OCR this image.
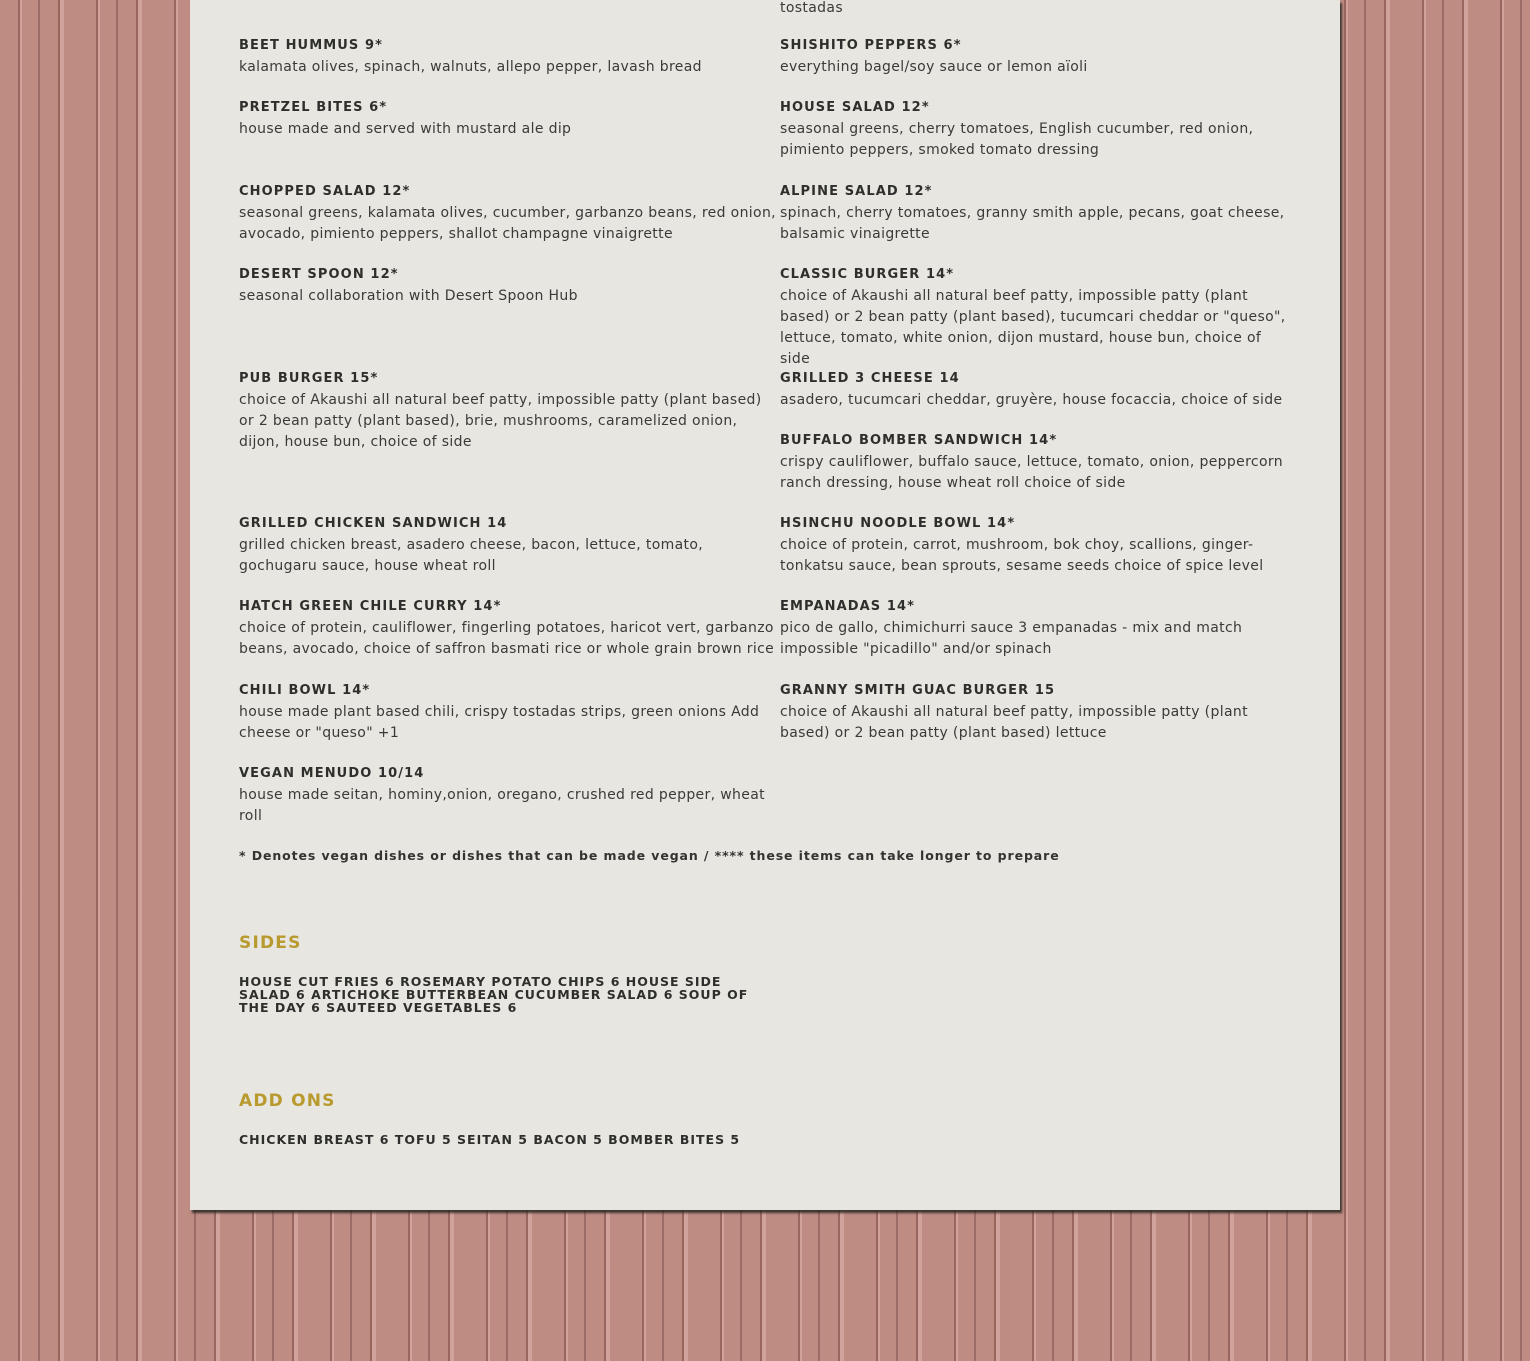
tostadas

BEET HUMMUS 9*

kalamata olives, spinach, walnuts, allepo pepper, lavash bread

SHISHITO PEPPERS 6*

everything bagel/soy sauce or lemon aïoli

PRETZEL BITES 6*

house made and served with mustard ale dip

HOUSE SALAD 12*

seasonal greens, cherry tomatoes, English cucumber, red onion, pimiento peppers, smoked tomato dressing

CHOPPED SALAD 12*

seasonal greens, kalamata olives, cucumber, garbanzo beans, red onion, avocado, pimiento peppers, shallot champagne vinaigrette

ALPINE SALAD 12*

spinach, cherry tomatoes, granny smith apple, pecans, goat cheese, balsamic vinaigrette

DESERT SPOON 12*

seasonal collaboration with Desert Spoon Hub

CLASSIC BURGER 14*

choice of Akaushi all natural beef patty, impossible patty (plant based) or 2 bean patty (plant based), tucumcari cheddar or "queso", lettuce, tomato, white onion, dijon mustard, house bun, choice of side

PUB BURGER 15*

choice of Akaushi all natural beef patty, impossible patty (plant based) or 2 bean patty (plant based), brie, mushrooms, caramelized onion, dijon, house bun, choice of side

GRILLED 3 CHEESE 14

asadero, tucumcari cheddar, gruyère, house focaccia, choice of side

BUFFALO BOMBER SANDWICH 14*

crispy cauliflower, buffalo sauce, lettuce, tomato, onion, peppercorn ranch dressing, house wheat roll choice of side

GRILLED CHICKEN SANDWICH 14

grilled chicken breast, asadero cheese, bacon, lettuce, tomato, gochugaru sauce, house wheat roll

HSINCHU NOODLE BOWL 14*

choice of protein, carrot, mushroom, bok choy, scallions, ginger-tonkatsu sauce, bean sprouts, sesame seeds choice of spice level

HATCH GREEN CHILE CURRY 14*

choice of protein, cauliflower, fingerling potatoes, haricot vert, garbanzo beans, avocado, choice of saffron basmati rice or whole grain brown rice

EMPANADAS 14*

pico de gallo, chimichurri sauce 3 empanadas - mix and match impossible "picadillo" and/or spinach

CHILI BOWL 14*

house made plant based chili, crispy tostadas strips, green onions Add cheese or "queso" +1

GRANNY SMITH GUAC BURGER 15

choice of Akaushi all natural beef patty, impossible patty (plant based) or 2 bean patty (plant based) lettuce

VEGAN MENUDO 10/14

house made seitan, hominy,onion, oregano, crushed red pepper, wheat roll

* Denotes vegan dishes or dishes that can be made vegan / **** these items can take longer to prepare
SIDES
HOUSE CUT FRIES 6 ROSEMARY POTATO CHIPS 6 HOUSE SIDE SALAD 6 ARTICHOKE BUTTERBEAN CUCUMBER SALAD 6 SOUP OF THE DAY 6 SAUTEED VEGETABLES 6
ADD ONS
CHICKEN BREAST 6 TOFU 5 SEITAN 5 BACON 5 BOMBER BITES 5
